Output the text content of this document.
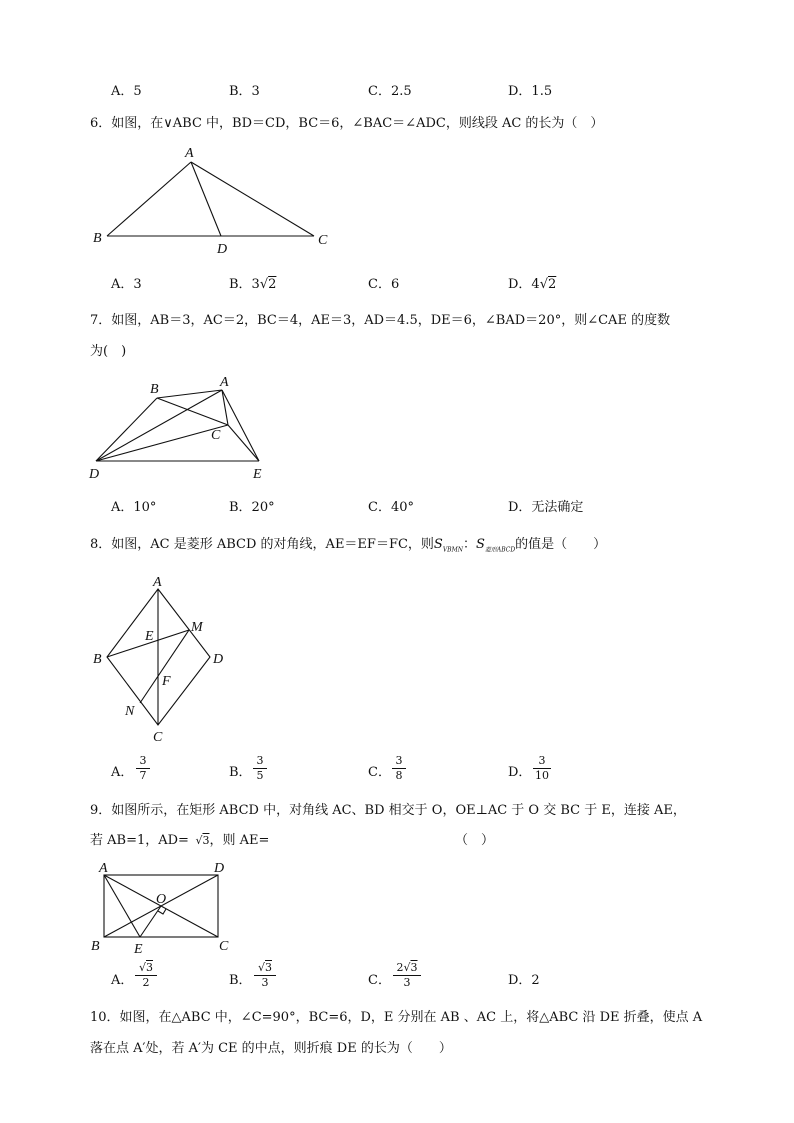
A．5	B．3	C．2.5	D．1.5
6．如图，在∨ABC 中，BD＝CD，BC＝6，∠BAC＝∠ADC，则线段 AC 的长为（　）
A
B
D
C
A．3	B．3√2	C．6	D．4√2
7．如图，AB＝3，AC＝2，BC＝4，AE＝3，AD＝4.5，DE＝6，∠BAD＝20°，则∠CAE 的度数
为(　)
B	A
C
D	E
A．10°	B．20°	C．40°	D．无法确定
8．如图，AC 是菱形 ABCD 的对角线，AE＝EF＝FC，则$S_{VBMN}$：$S_{菱形ABCD}$的值是（　　）
A
E
M
B	D
F
N
C
A． $\frac{3}{7}$	B． $\frac{3}{5}$	C． $\frac{3}{8}$	D． $\frac{3}{10}$
9．如图所示，在矩形 ABCD 中，对角线 AC、BD 相交于 O，OE⊥AC 于 O 交 BC 于 E，连接 AE，
若 AB=1，AD=  √3，则 AE=	（　）
A	D
O
B E	C
A． $\frac{√3}{2}$	B． $\frac{√3}{3}$	C． $\frac{2√3}{3}$	D．2
10．如图，在△ABC 中，∠C=90°，BC=6，D，E 分别在 AB 、AC 上，将△ABC 沿 DE 折叠，使点 A
落在点 A′处，若 A′为 CE 的中点，则折痕 DE 的长为（　　）
